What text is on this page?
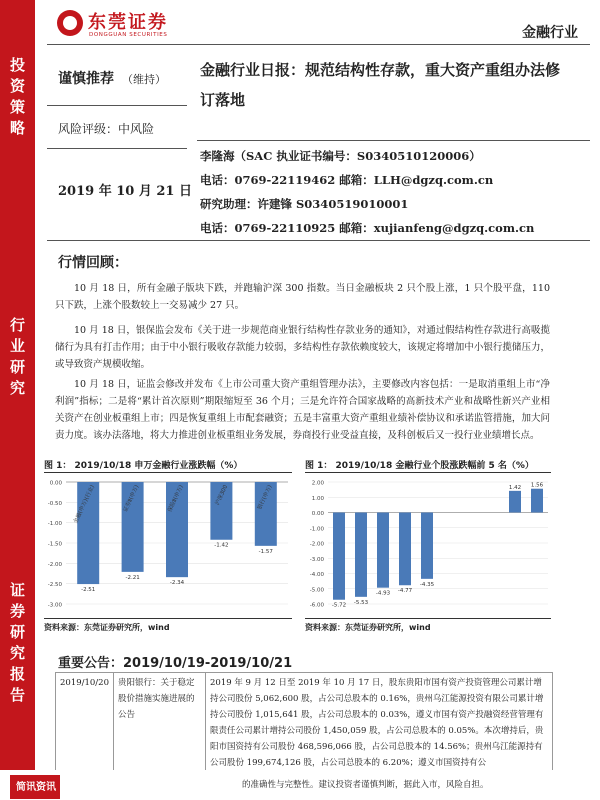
投
资
策
略
行
业
研
究
证
券
研
究
报
告
东莞证券
DONGGUAN SECURITIES	金融行业
谨慎推荐 （维持）
风险评级：中风险
2019 年 10 月 21 日
金融行业日报：规范结构性存款，重大资产重组办法修订落地
李隆海（SAC 执业证书编号：S0340510120006）
电话：0769-22119462 邮箱：LLH@dgzq.com.cn
研究助理：许建锋 S0340519010001
电话：0769-22110925 邮箱：xujianfeng@dgzq.com.cn
行情回顾：
10 月 18 日，所有金融子版块下跌，并跑输沪深 300 指数。当日金融板块 2 只个股上涨，1 只个股平盘，110 只下跌，上涨个股数较上一交易减少 27 只。
10 月 18 日，银保监会发布《关于进一步规范商业银行结构性存款业务的通知》，对通过假结构性存款进行高吸揽储行为具有打击作用；由于中小银行吸收存款能力较弱，多结构性存款依赖度较大，该规定将增加中小银行揽储压力，或导致资产规模收缩。
10 月 18 日，证监会修改并发布《上市公司重大资产重组管理办法》，主要修改内容包括：一是取消重组上市“净利润”指标；二是将“累计首次原则”期限缩短至 36 个月；三是允许符合国家战略的高新技术产业和战略性新兴产业相关资产在创业板重组上市；四是恢复重组上市配套融资；五是丰富重大资产重组业绩补偿协议和承诺监管措施，加大问责力度。该办法落地，将大力推进创业板重组业务发展，券商投行业受益直接，及科创板后又一投行业业绩增长点。
图 1： 2019/10/18 申万金融行业涨跌幅（%）
0.00
-0.50
-1.00
-1.50
-2.00
-2.50
-3.00
-2.51
金融(申万)(行业)
-2.21
证券Ⅱ(申万)
-2.34
保险Ⅱ(申万)
-1.42
沪深300
-1.57
银行(申万)
资料来源：东莞证券研究所，wind
图 1： 2019/10/18 金融行业个股涨跌幅前 5 名（%）
2.00
1.00
0.00
-1.00
-2.00
-3.00
-4.00
-5.00
-6.00 -5.72 -5.53
-4.93 -4.77
-4.35
1.42 1.56
资料来源：东莞证券研究所，wind
重要公告：2019/10/19-2019/10/21
2019/10/20	贵阳银行：关于稳定股价措施实施进展的公告	2019 年 9 月 12 日至 2019 年 10 月 17 日，股东贵阳市国有资产投资管理公司累计增持公司股份 5,062,600 股，占公司总股本的 0.16%，贵州乌江能源投资有限公司累计增持公司股份 1,015,641 股，占公司总股本的 0.03%，遵义市国有资产投融资经营管理有限责任公司累计增持公司股份 1,450,059 股，占公司总股本的 0.05%。本次增持后，贵阳市国资持有公司股份 468,596,066 股，占公司总股本的 14.56%；贵州乌江能源持有公司股份 199,674,126 股，占公司总股本的 6.20%；遵义市国资持有公
简讯资讯	的准确性与完整性。建议投资者谨慎判断，据此入市，风险自担。
